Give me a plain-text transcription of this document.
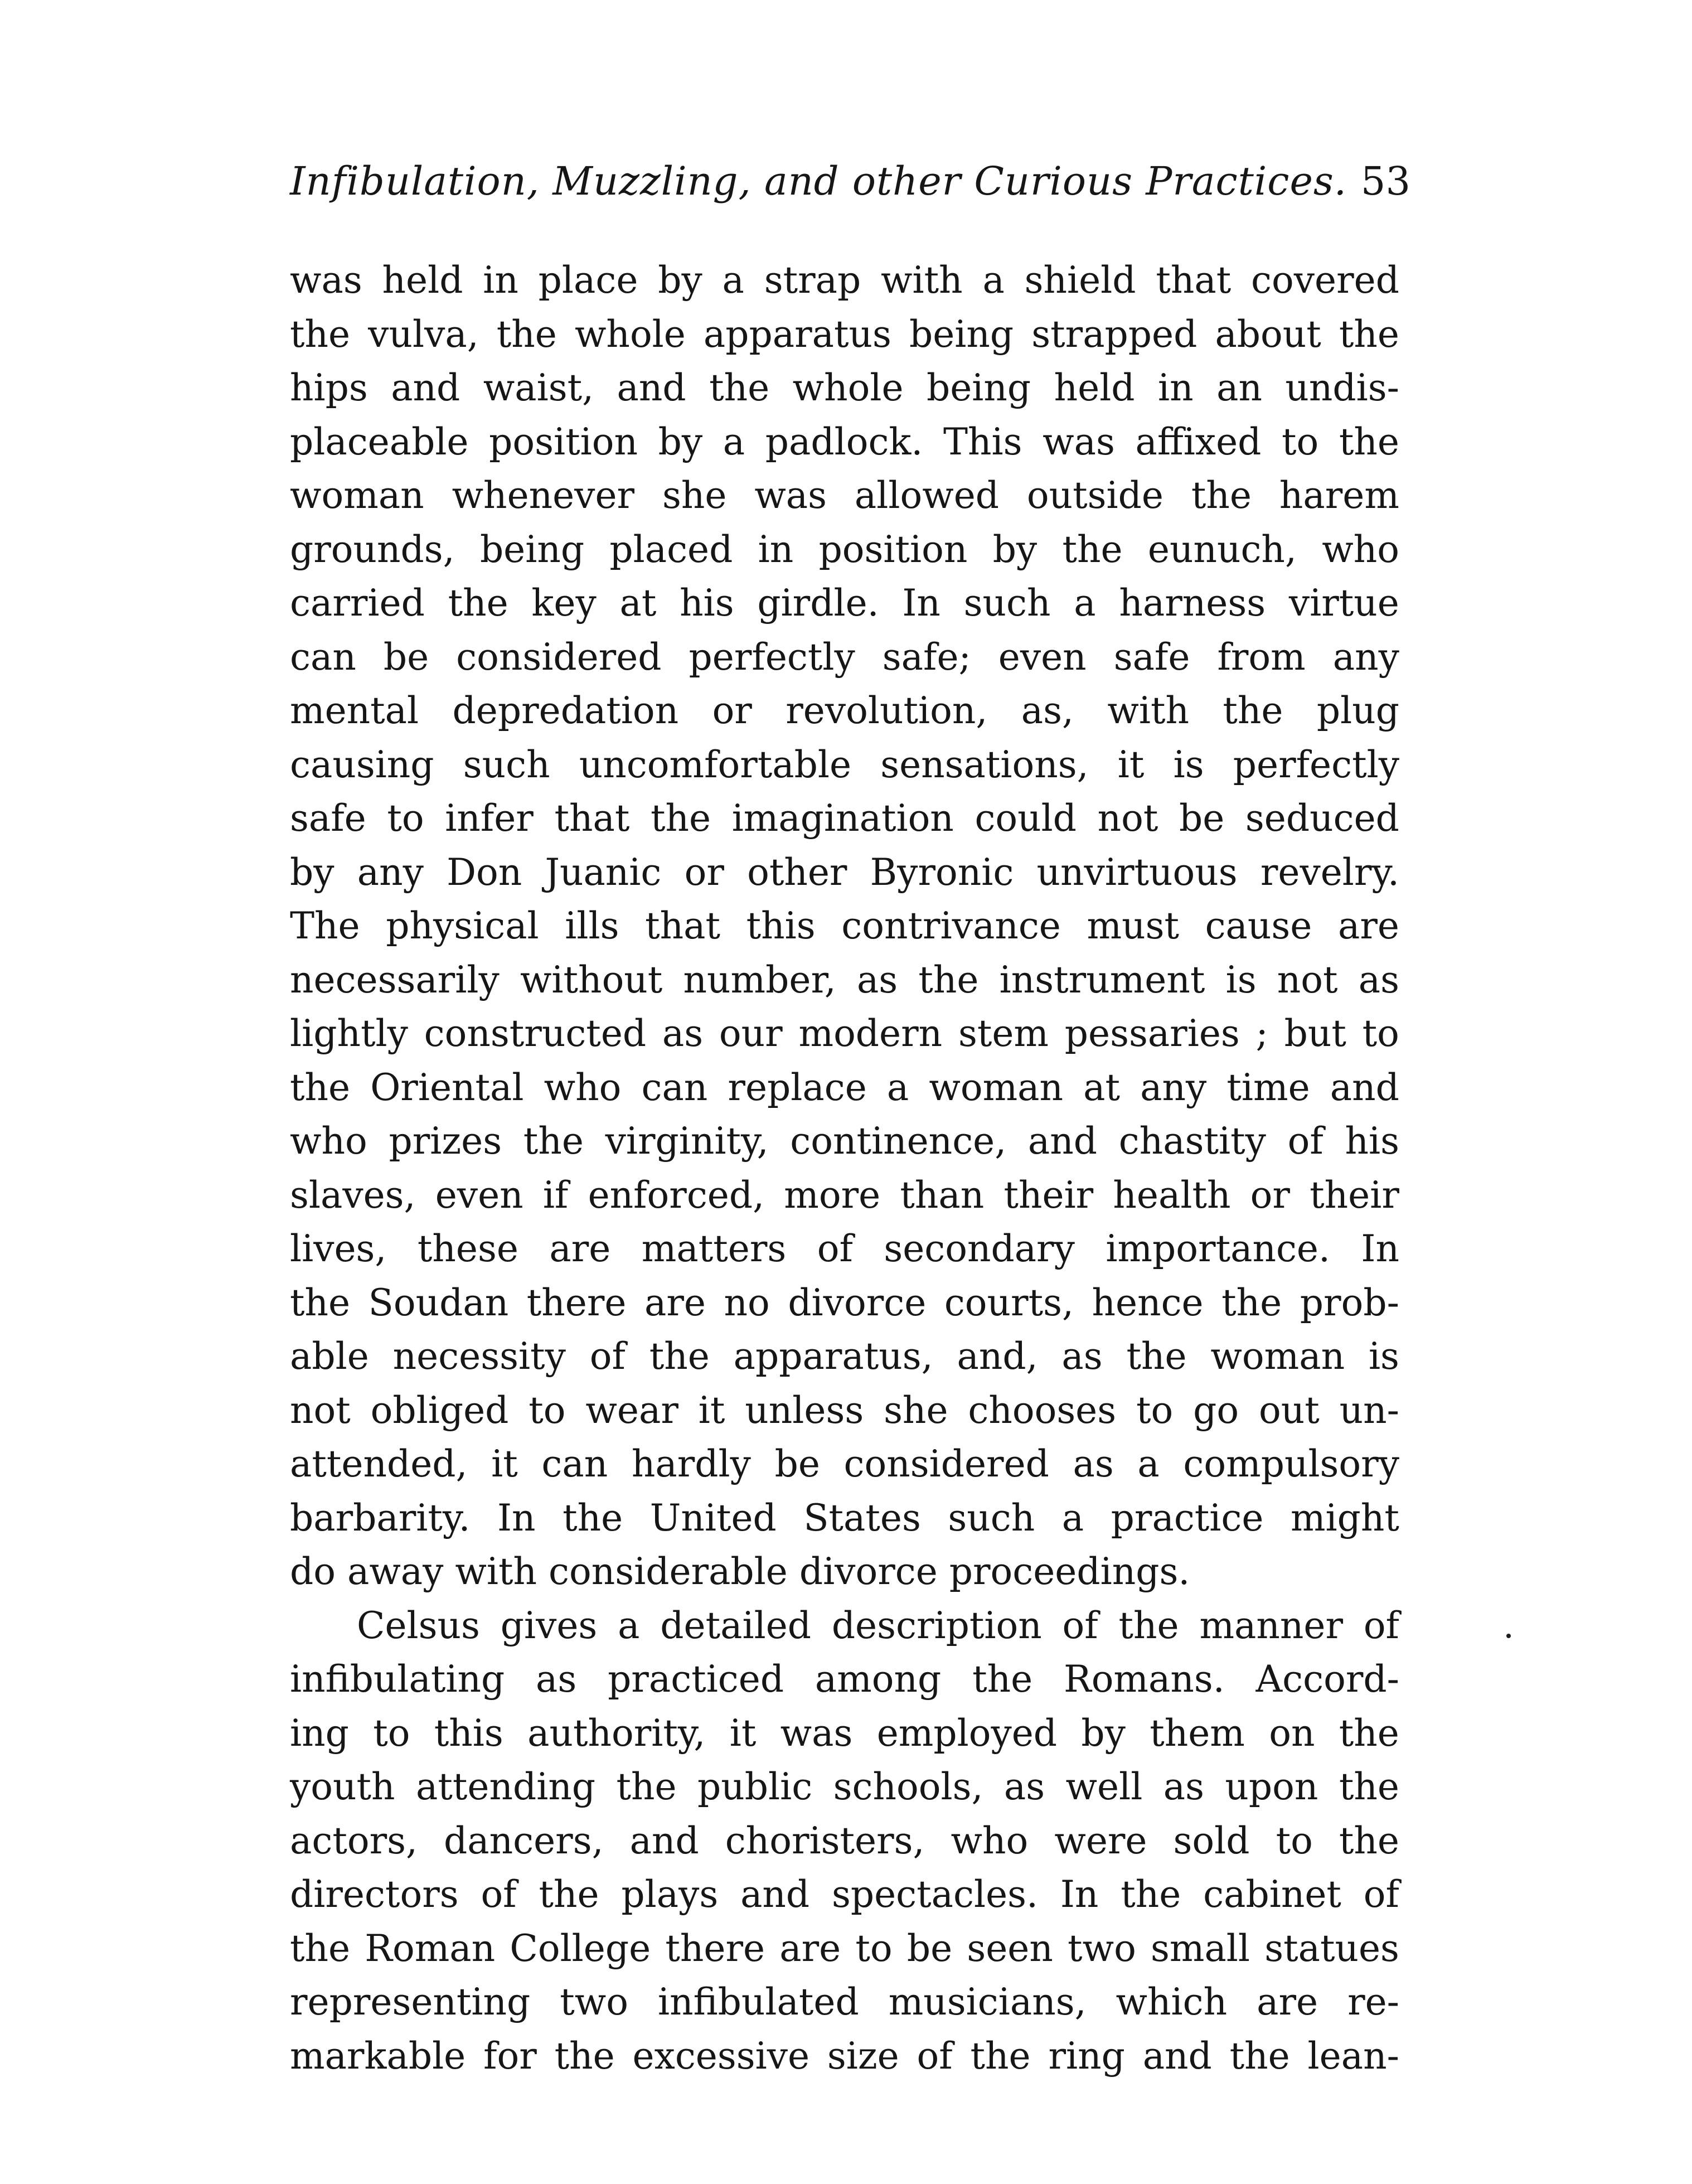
Infibulation, Muzzling, and other Curious Practices. 53
was held in place by a strap with a shield that covered
the vulva, the whole apparatus being strapped about the
hips and waist, and the whole being held in an undis-
placeable position by a padlock. This was affixed to the
woman whenever she was allowed outside the harem
grounds, being placed in position by the eunuch, who
carried the key at his girdle. In such a harness virtue
can be considered perfectly safe; even safe from any
mental depredation or revolution, as, with the plug
causing such uncomfortable sensations, it is perfectly
safe to infer that the imagination could not be seduced
by any Don Juanic or other Byronic unvirtuous revelry.
The physical ills that this contrivance must cause are
necessarily without number, as the instrument is not as
lightly constructed as our modern stem pessaries ; but to
the Oriental who can replace a woman at any time and
who prizes the virginity, continence, and chastity of his
slaves, even if enforced, more than their health or their
lives, these are matters of secondary importance. In
the Soudan there are no divorce courts, hence the prob-
able necessity of the apparatus, and, as the woman is
not obliged to wear it unless she chooses to go out un-
attended, it can hardly be considered as a compulsory
barbarity. In the United States such a practice might
do away with considerable divorce proceedings.
Celsus gives a detailed description of the manner of
infibulating as practiced among the Romans. Accord-
ing to this authority, it was employed by them on the
youth attending the public schools, as well as upon the
actors, dancers, and choristers, who were sold to the
directors of the plays and spectacles. In the cabinet of
the Roman College there are to be seen two small statues
representing two infibulated musicians, which are re-
markable for the excessive size of the ring and the lean-
